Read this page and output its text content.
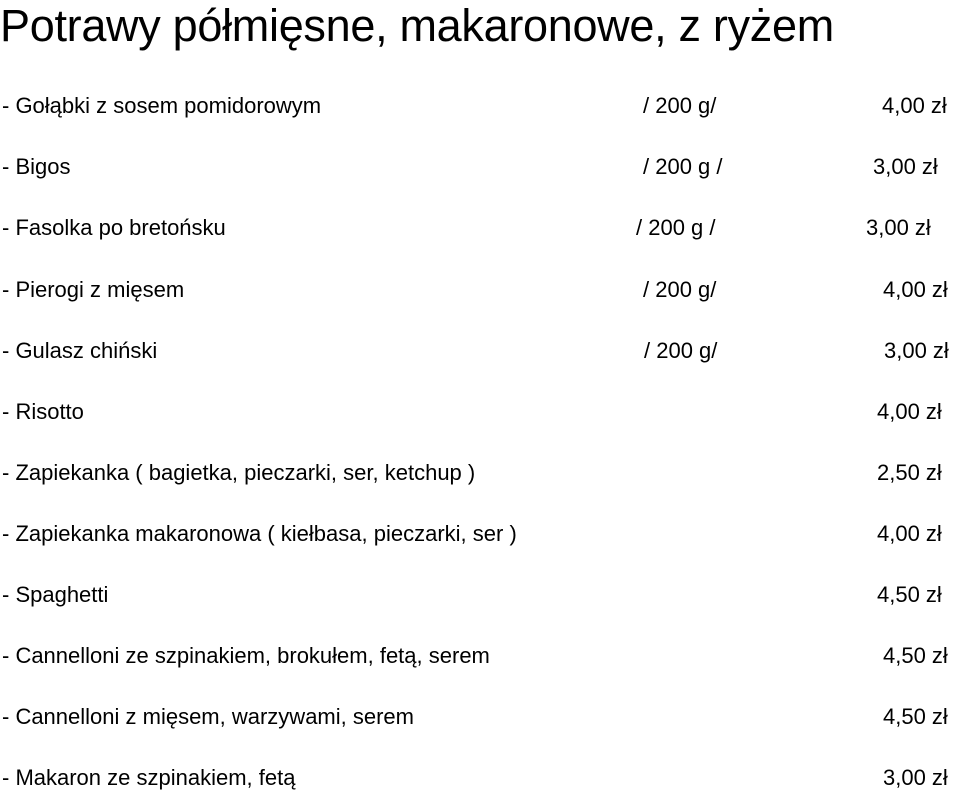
Potrawy półmięsne, makaronowe, z ryżem
- Gołąbki z sosem pomidorowym	/ 200 g/	4,00 zł
- Bigos	/ 200 g /	3,00 zł
- Fasolka po bretońsku	/ 200 g /	3,00 zł
- Pierogi z mięsem	/ 200 g/	4,00 zł
- Gulasz chiński	/ 200 g/	3,00 zł
- Risotto	4,00 zł
- Zapiekanka ( bagietka, pieczarki, ser, ketchup )	2,50 zł
- Zapiekanka makaronowa ( kiełbasa, pieczarki, ser )	4,00 zł
- Spaghetti	4,50 zł
- Cannelloni ze szpinakiem, brokułem, fetą, serem	4,50 zł
- Cannelloni z mięsem, warzywami, serem	4,50 zł
- Makaron ze szpinakiem, fetą	3,00 zł
